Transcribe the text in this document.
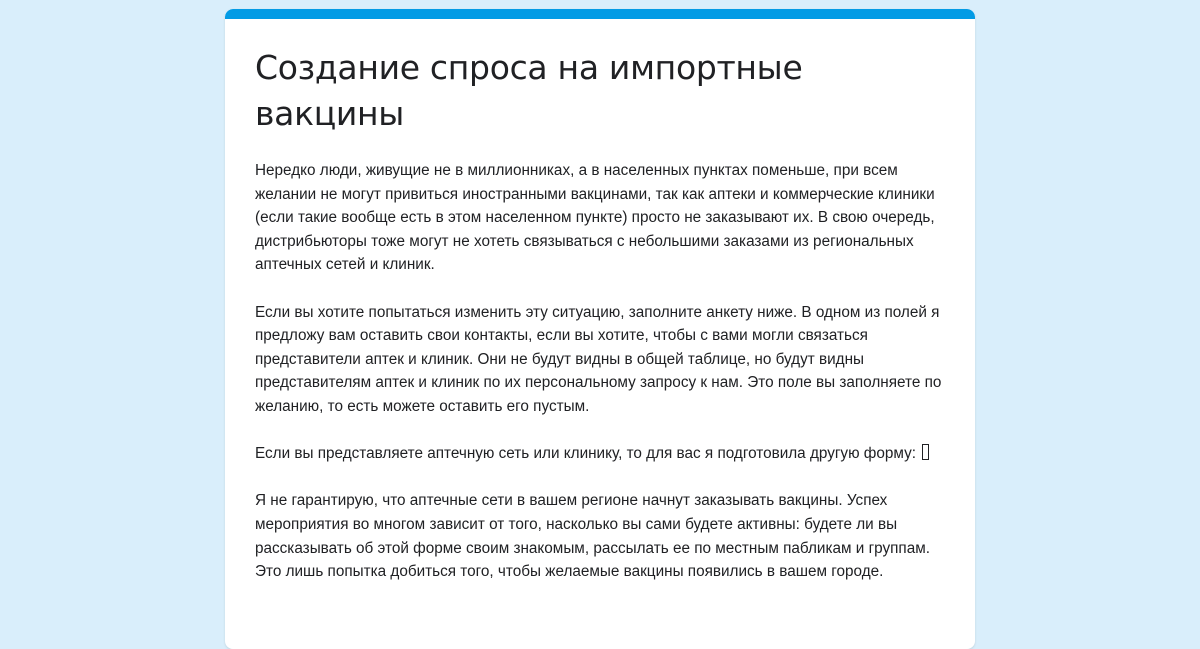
Создание спроса на импортные вакцины

Нередко люди, живущие не в миллионниках, а в населенных пунктах поменьше, при всем желании не могут привиться иностранными вакцинами, так как аптеки и коммерческие клиники (если такие вообще есть в этом населенном пункте) просто не заказывают их. В свою очередь, дистрибьюторы тоже могут не хотеть связываться с небольшими заказами из региональных аптечных сетей и клиник.

Если вы хотите попытаться изменить эту ситуацию, заполните анкету ниже. В одном из полей я предложу вам оставить свои контакты, если вы хотите, чтобы с вами могли связаться представители аптек и клиник. Они не будут видны в общей таблице, но будут видны представителям аптек и клиник по их персональному запросу к нам. Это поле вы заполняете по желанию, то есть можете оставить его пустым.

Если вы представляете аптечную сеть или клинику, то для вас я подготовила другую форму:

Я не гарантирую, что аптечные сети в вашем регионе начнут заказывать вакцины. Успех мероприятия во многом зависит от того, насколько вы сами будете активны: будете ли вы рассказывать об этой форме своим знакомым, рассылать ее по местным пабликам и группам. Это лишь попытка добиться того, чтобы желаемые вакцины появились в вашем городе.
